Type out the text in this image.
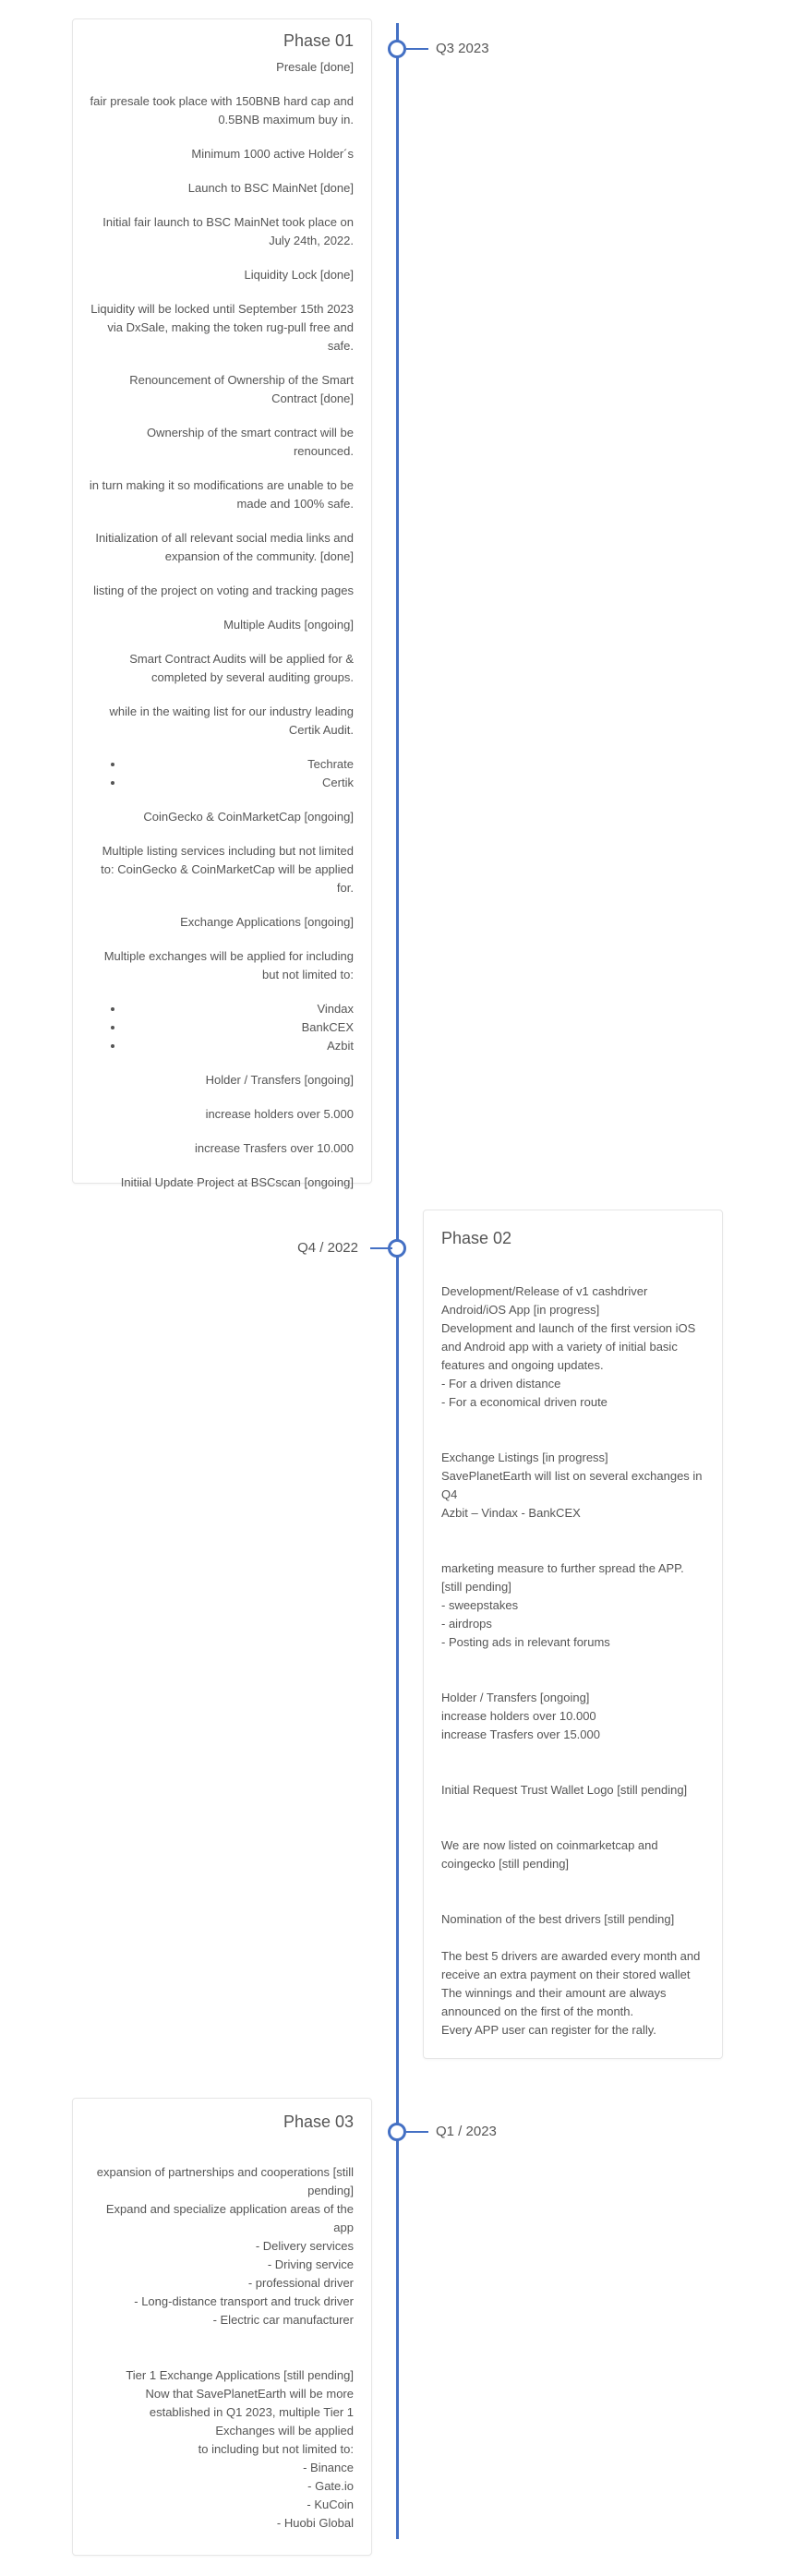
Q3 2023
Phase 01

Presale [done]

fair presale took place with 150BNB hard cap and 0.5BNB maximum buy in.

Minimum 1000 active Holder´s

Launch to BSC MainNet [done]

Initial fair launch to BSC MainNet took place on July 24th, 2022.

Liquidity Lock [done]

Liquidity will be locked until September 15th 2023 via DxSale, making the token rug-pull free and safe.

Renouncement of Ownership of the Smart Contract [done]

Ownership of the smart contract will be renounced.

in turn making it so modifications are unable to be made and 100% safe.

Initialization of all relevant social media links and expansion of the community. [done]

listing of the project on voting and tracking pages

Multiple Audits [ongoing]

Smart Contract Audits will be applied for & completed by several auditing groups.

while in the waiting list for our industry leading Certik Audit.

• Techrate
• Certik

CoinGecko & CoinMarketCap [ongoing]

Multiple listing services including but not limited to: CoinGecko & CoinMarketCap will be applied for.

Exchange Applications [ongoing]

Multiple exchanges will be applied for including but not limited to:

• Vindax
• BankCEX
• Azbit

Holder / Transfers [ongoing]

increase holders over 5.000

increase Trasfers over 10.000

Initiial Update Project at BSCscan [ongoing]

Q4 / 2022
Phase 02
Development/Release of v1 cashdriver Android/iOS App [in progress]
Development and launch of the first version iOS and Android app with a variety of initial basic features and ongoing updates.
- For a driven distance
- For a economical driven route
Exchange Listings [in progress]
SavePlanetEarth will list on several exchanges in Q4
Azbit – Vindax - BankCEX
marketing measure to further spread the APP. [still pending]
- sweepstakes
- airdrops
- Posting ads in relevant forums
Holder / Transfers [ongoing]
increase holders over 10.000
increase Trasfers over 15.000
Initial Request Trust Wallet Logo [still pending]
We are now listed on coinmarketcap and coingecko [still pending]
Nomination of the best drivers [still pending]
The best 5 drivers are awarded every month and receive an extra payment on their stored wallet
The winnings and their amount are always announced on the first of the month.
Every APP user can register for the rally.
Q1 / 2023
Phase 03
expansion of partnerships and cooperations [still pending]
Expand and specialize application areas of the app
- Delivery services
- Driving service
- professional driver
- Long-distance transport and truck driver
- Electric car manufacturer
Tier 1 Exchange Applications [still pending]
Now that SavePlanetEarth will be more established in Q1 2023, multiple Tier 1 Exchanges will be applied
to including but not limited to:
- Binance
- Gate.io
- KuCoin
- Huobi Global
